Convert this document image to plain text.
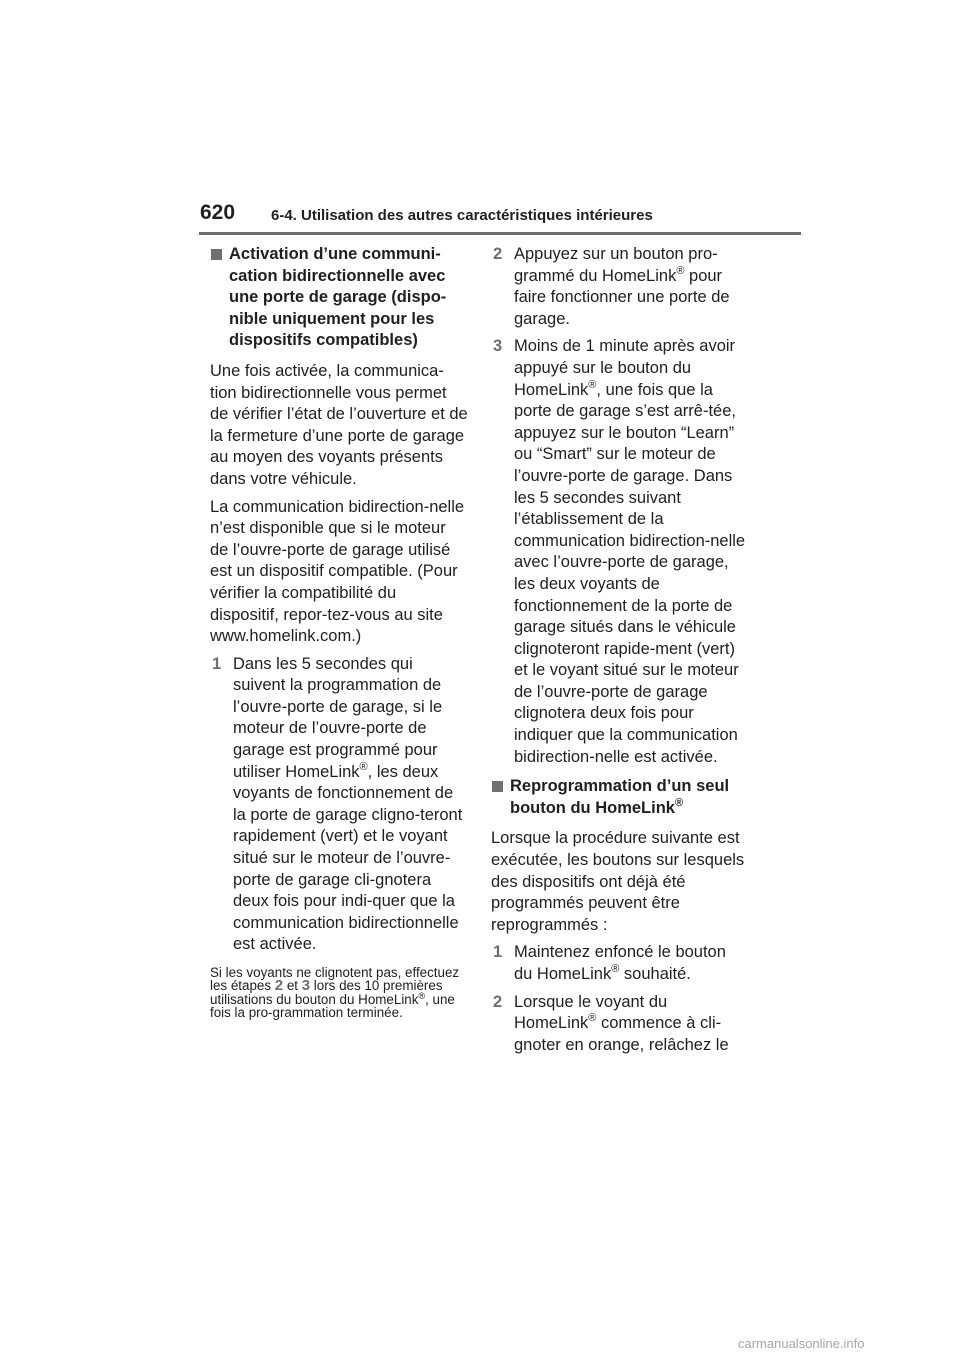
620 6-4. Utilisation des autres caractéristiques intérieures
Activation d’une communi-cation bidirectionnelle avec une porte de garage (dispo-nible uniquement pour les dispositifs compatibles)

Une fois activée, la communica-tion bidirectionnelle vous permet de vérifier l’état de l’ouverture et de la fermeture d’une porte de garage au moyen des voyants présents dans votre véhicule.

La communication bidirection-nelle n’est disponible que si le moteur de l’ouvre-porte de garage utilisé est un dispositif compatible. (Pour vérifier la compatibilité du dispositif, repor-tez-vous au site www.homelink.com.)

1 Dans les 5 secondes qui suivent la programmation de l’ouvre-porte de garage, si le moteur de l’ouvre-porte de garage est programmé pour utiliser HomeLink®, les deux voyants de fonctionnement de la porte de garage cligno-teront rapidement (vert) et le voyant situé sur le moteur de l’ouvre-porte de garage cli-gnotera deux fois pour indi-quer que la communication bidirectionnelle est activée.
Si les voyants ne clignotent pas, effectuez les étapes 2 et 3 lors des 10 premières utilisations du bouton du HomeLink®, une fois la pro-grammation terminée.
2 Appuyez sur un bouton pro-grammé du HomeLink® pour faire fonctionner une porte de garage.
3 Moins de 1 minute après avoir appuyé sur le bouton du HomeLink®, une fois que la porte de garage s’est arrê-tée, appuyez sur le bouton “Learn” ou “Smart” sur le moteur de l’ouvre-porte de garage. Dans les 5 secondes suivant l’établissement de la communication bidirection-nelle avec l’ouvre-porte de garage, les deux voyants de fonctionnement de la porte de garage situés dans le véhicule clignoteront rapide-ment (vert) et le voyant situé sur le moteur de l’ouvre-porte de garage clignotera deux fois pour indiquer que la communication bidirection-nelle est activée.
Reprogrammation d’un seul bouton du HomeLink®

Lorsque la procédure suivante est exécutée, les boutons sur lesquels des dispositifs ont déjà été programmés peuvent être reprogrammés :

1 Maintenez enfoncé le bouton du HomeLink® souhaité.
2 Lorsque le voyant du HomeLink® commence à cli-gnoter en orange, relâchez le
carmanualsonline.info
